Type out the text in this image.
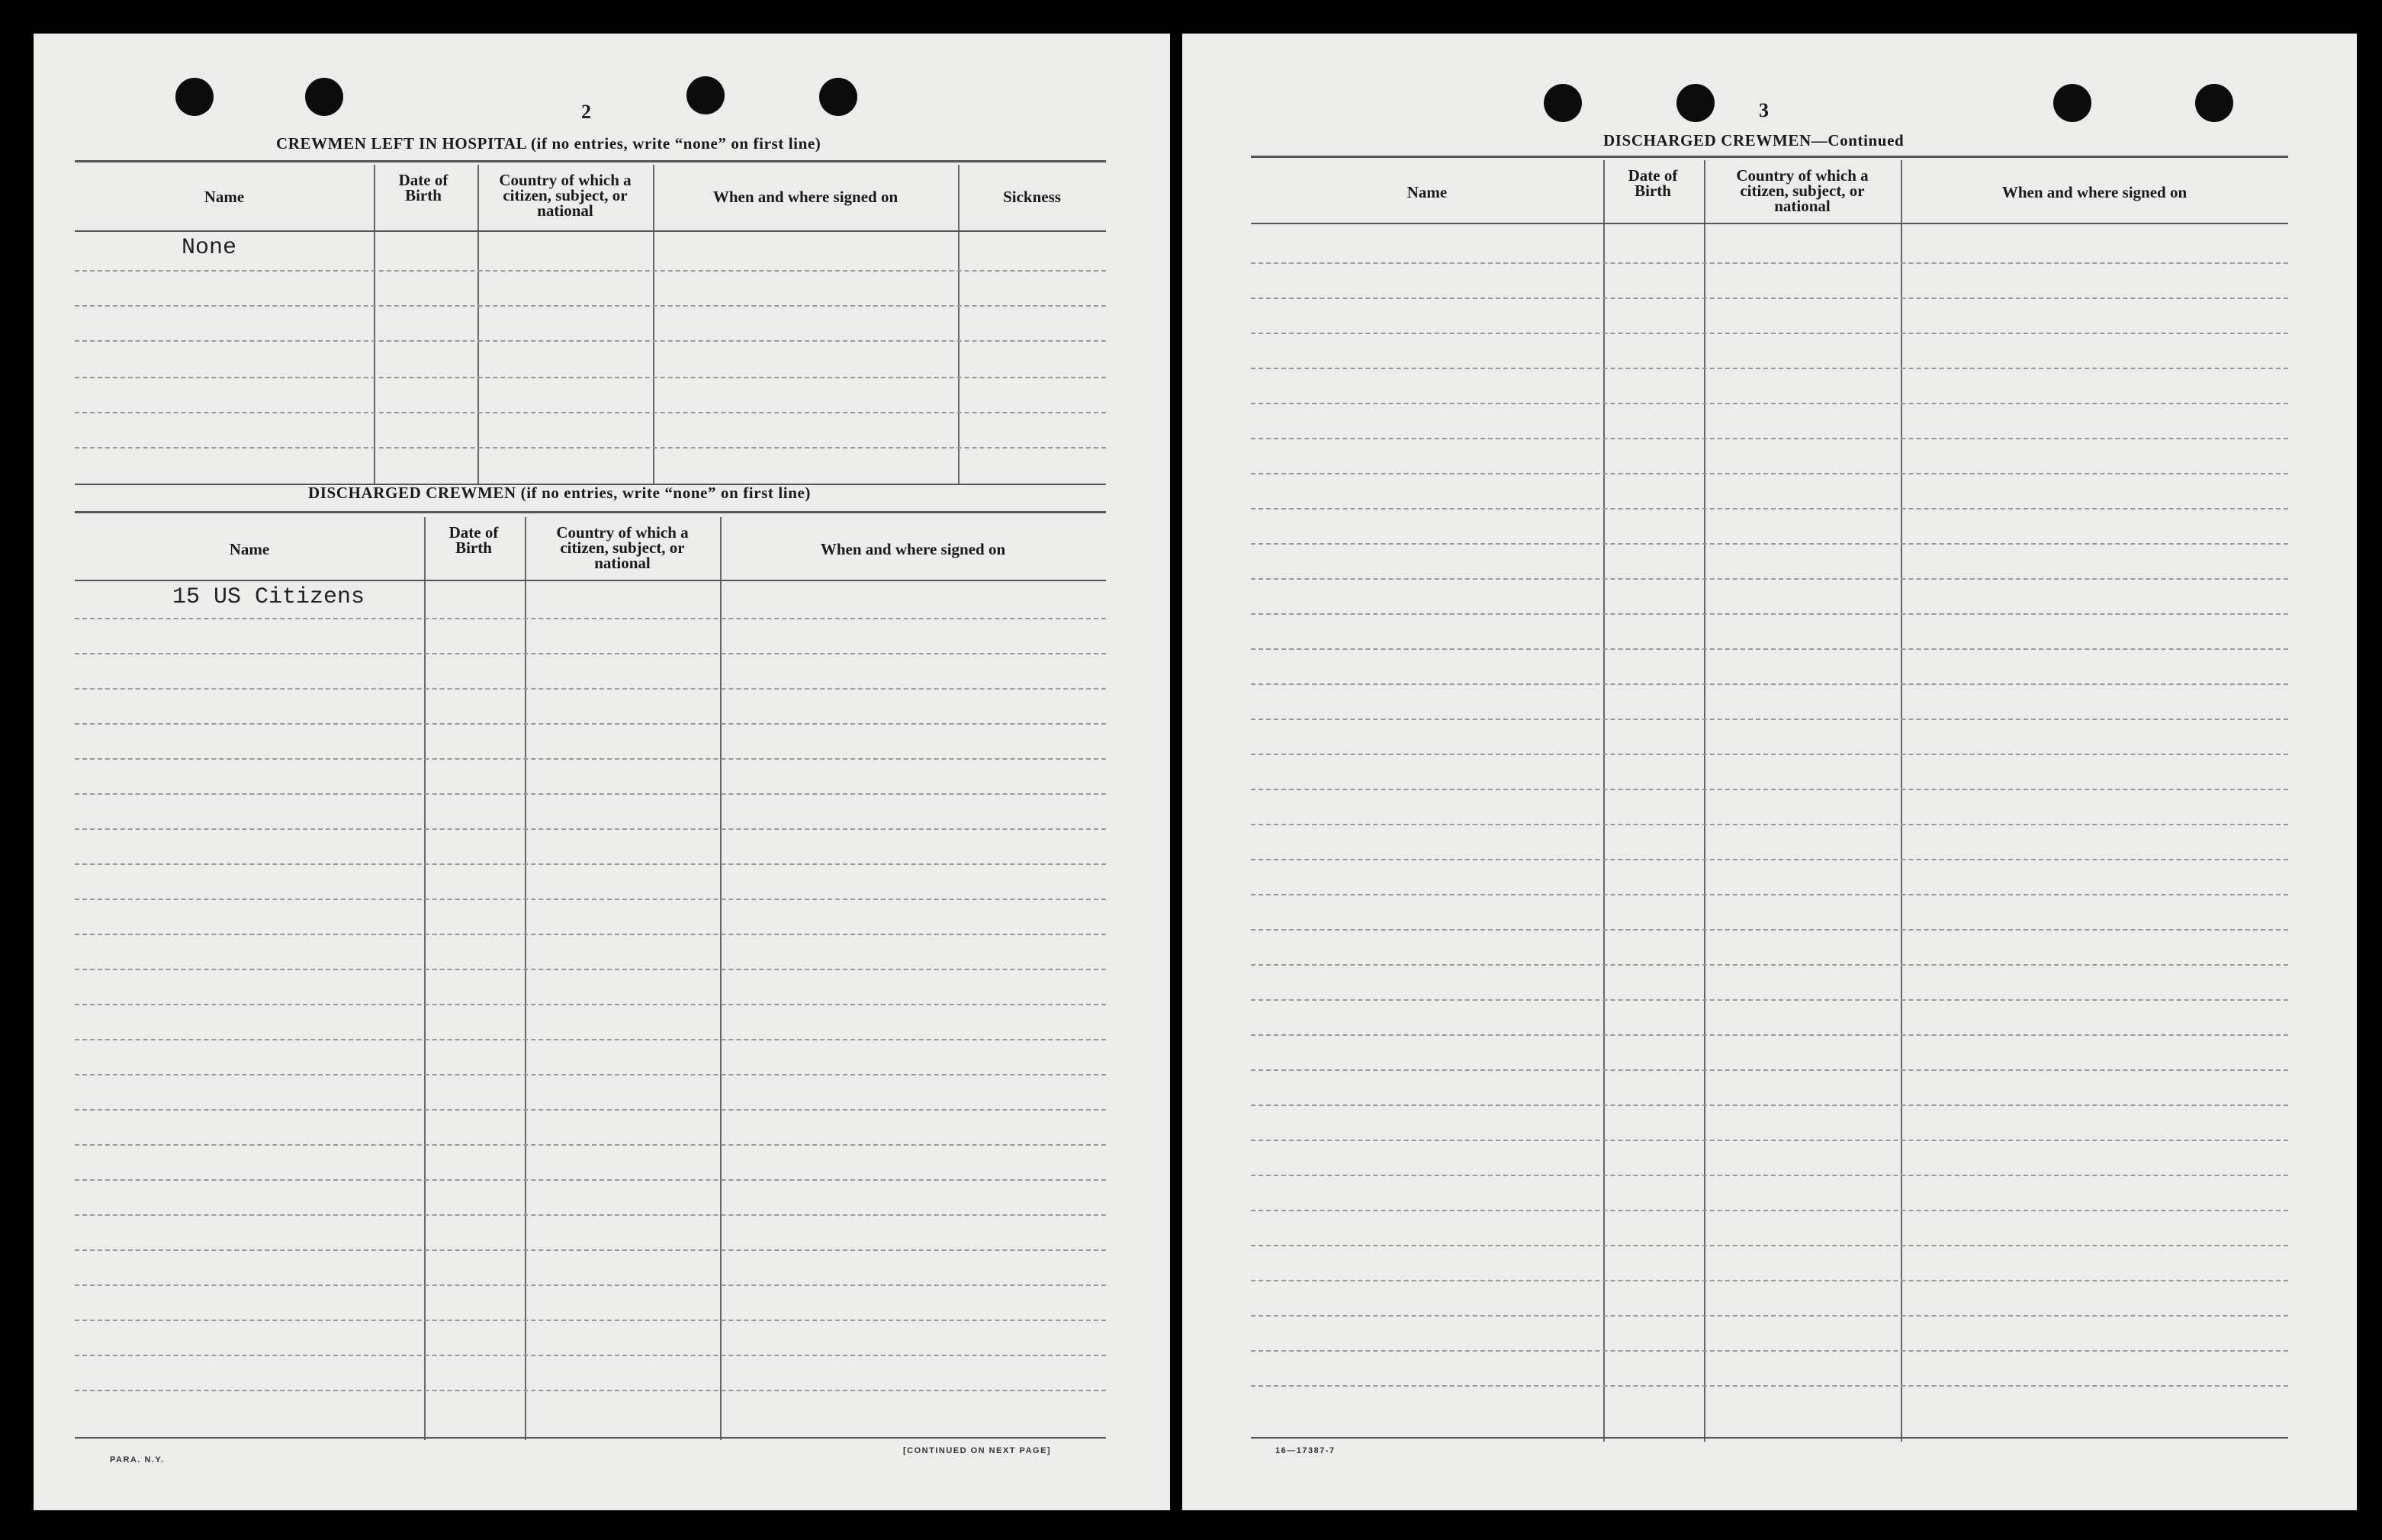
2
CREWMEN LEFT IN HOSPITAL (if no entries, write “none” on first line)
Name
Date of Birth
Country of which a citizen, subject, or national
When and where signed on	Sickness
None
DISCHARGED CREWMEN (if no entries, write “none” on first line)
Name
Date of Birth
Country of which a citizen, subject, or national
When and where signed on
15 US Citizens
PARA. N.Y.
[CONTINUED ON NEXT PAGE]
3
DISCHARGED CREWMEN—Continued
Name
Date of Birth
Country of which a citizen, subject, or national
When and where signed on
16—17387-7
